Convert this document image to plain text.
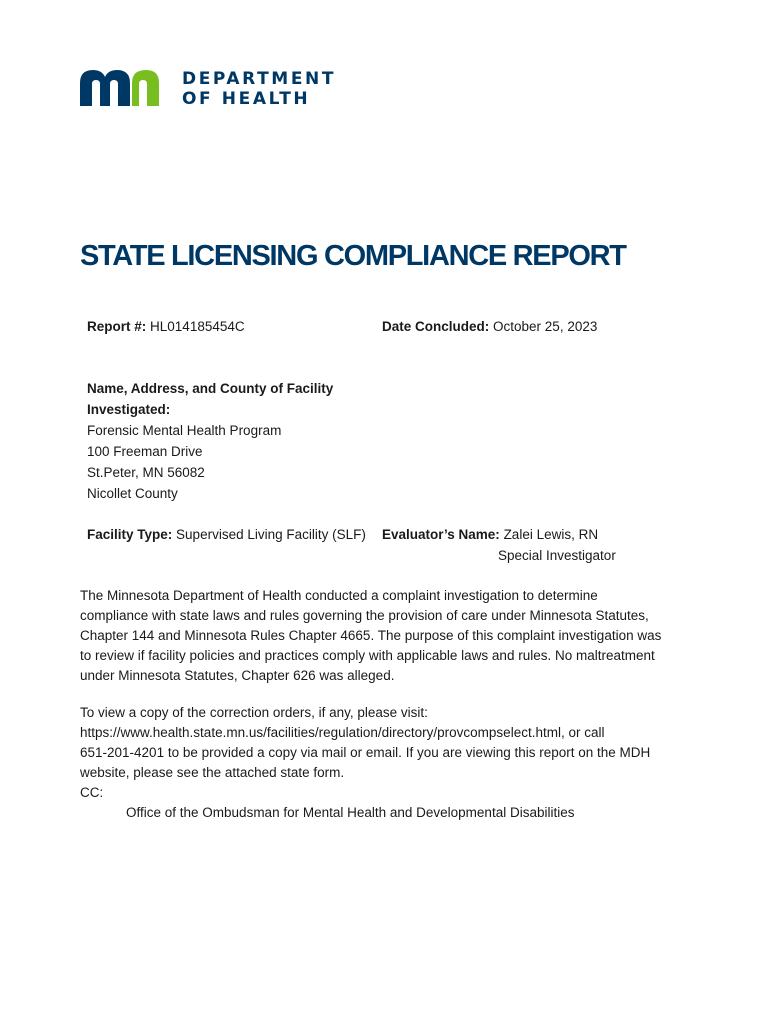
DEPARTMENT
OF HEALTH
STATE LICENSING COMPLIANCE REPORT
Report #: HL014185454C	Date Concluded: October 25, 2023
Name, Address, and County of Facility
Investigated:
Forensic Mental Health Program
100 Freeman Drive
St.Peter, MN 56082
Nicollet County
Facility Type: Supervised Living Facility (SLF) Evaluator’s Name: Zalei Lewis, RN
Special Investigator
The Minnesota Department of Health conducted a complaint investigation to determine
compliance with state laws and rules governing the provision of care under Minnesota Statutes,
Chapter 144 and Minnesota Rules Chapter 4665. The purpose of this complaint investigation was
to review if facility policies and practices comply with applicable laws and rules. No maltreatment
under Minnesota Statutes, Chapter 626 was alleged.
To view a copy of the correction orders, if any, please visit:
https://www.health.state.mn.us/facilities/regulation/directory/provcompselect.html, or call
651-201-4201 to be provided a copy via mail or email. If you are viewing this report on the MDH
website, please see the attached state form.
CC:
Office of the Ombudsman for Mental Health and Developmental Disabilities
